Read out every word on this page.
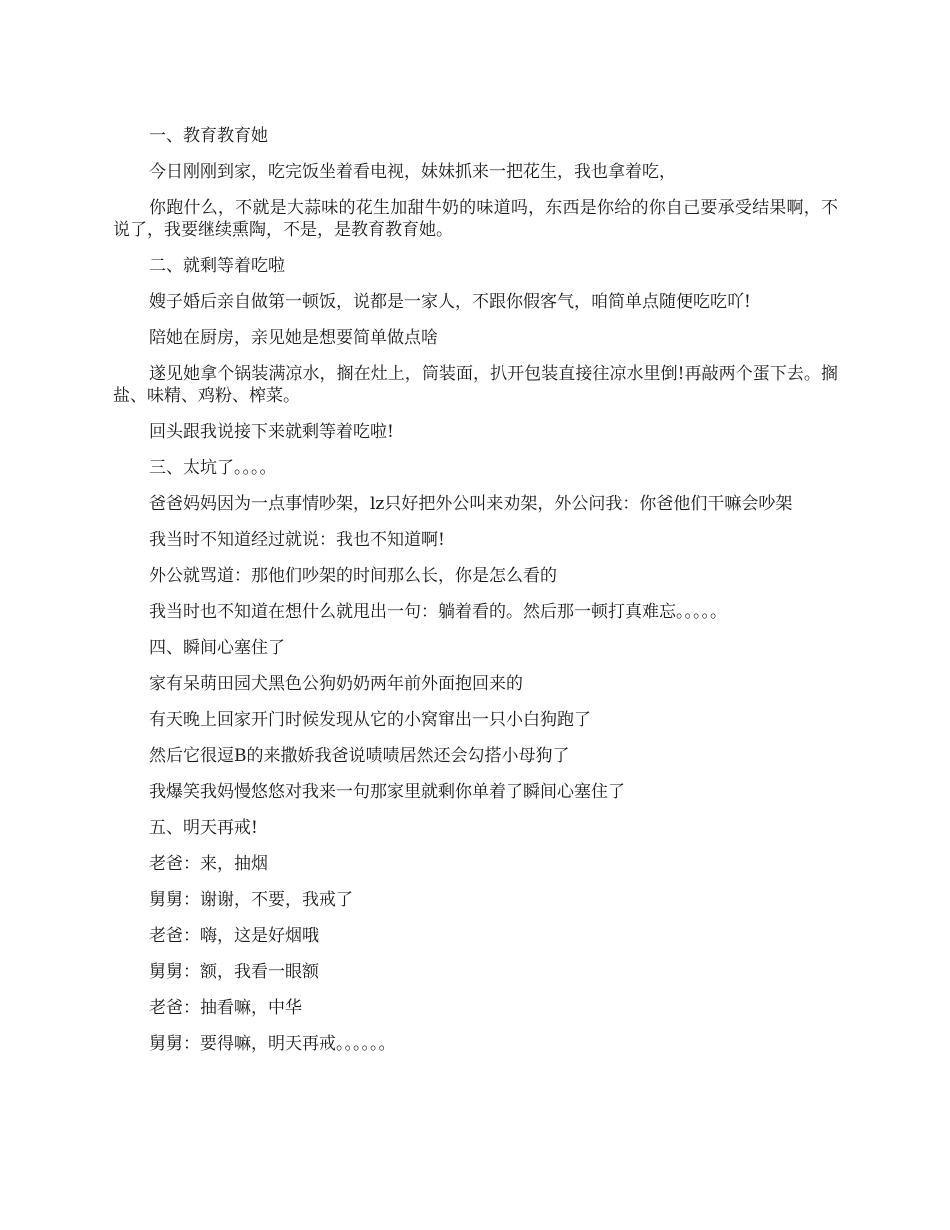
一、教育教育她

今日刚刚到家，吃完饭坐着看电视，妹妹抓来一把花生，我也拿着吃，

你跑什么，不就是大蒜味的花生加甜牛奶的味道吗，东西是你给的你自己要承受结果啊，不说了，我要继续熏陶，不是，是教育教育她。

二、就剩等着吃啦

嫂子婚后亲自做第一顿饭，说都是一家人，不跟你假客气，咱简单点随便吃吃吖!

陪她在厨房，亲见她是想要简单做点啥

遂见她拿个锅装满凉水，搁在灶上，筒装面，扒开包装直接往凉水里倒!再敲两个蛋下去。搁盐、味精、鸡粉、榨菜。

回头跟我说接下来就剩等着吃啦!

三、太坑了。。。。

爸爸妈妈因为一点事情吵架，lz只好把外公叫来劝架，外公问我：你爸他们干嘛会吵架

我当时不知道经过就说：我也不知道啊!

外公就骂道：那他们吵架的时间那么长，你是怎么看的

我当时也不知道在想什么就甩出一句：躺着看的。然后那一顿打真难忘。。。。。

四、瞬间心塞住了

家有呆萌田园犬黑色公狗奶奶两年前外面抱回来的

有天晚上回家开门时候发现从它的小窝窜出一只小白狗跑了

然后它很逗B的来撒娇我爸说啧啧居然还会勾搭小母狗了

我爆笑我妈慢悠悠对我来一句那家里就剩你单着了瞬间心塞住了

五、明天再戒!

老爸：来，抽烟

舅舅：谢谢，不要，我戒了

老爸：嗨，这是好烟哦

舅舅：额，我看一眼额

老爸：抽看嘛，中华

舅舅：要得嘛，明天再戒。。。。。。
